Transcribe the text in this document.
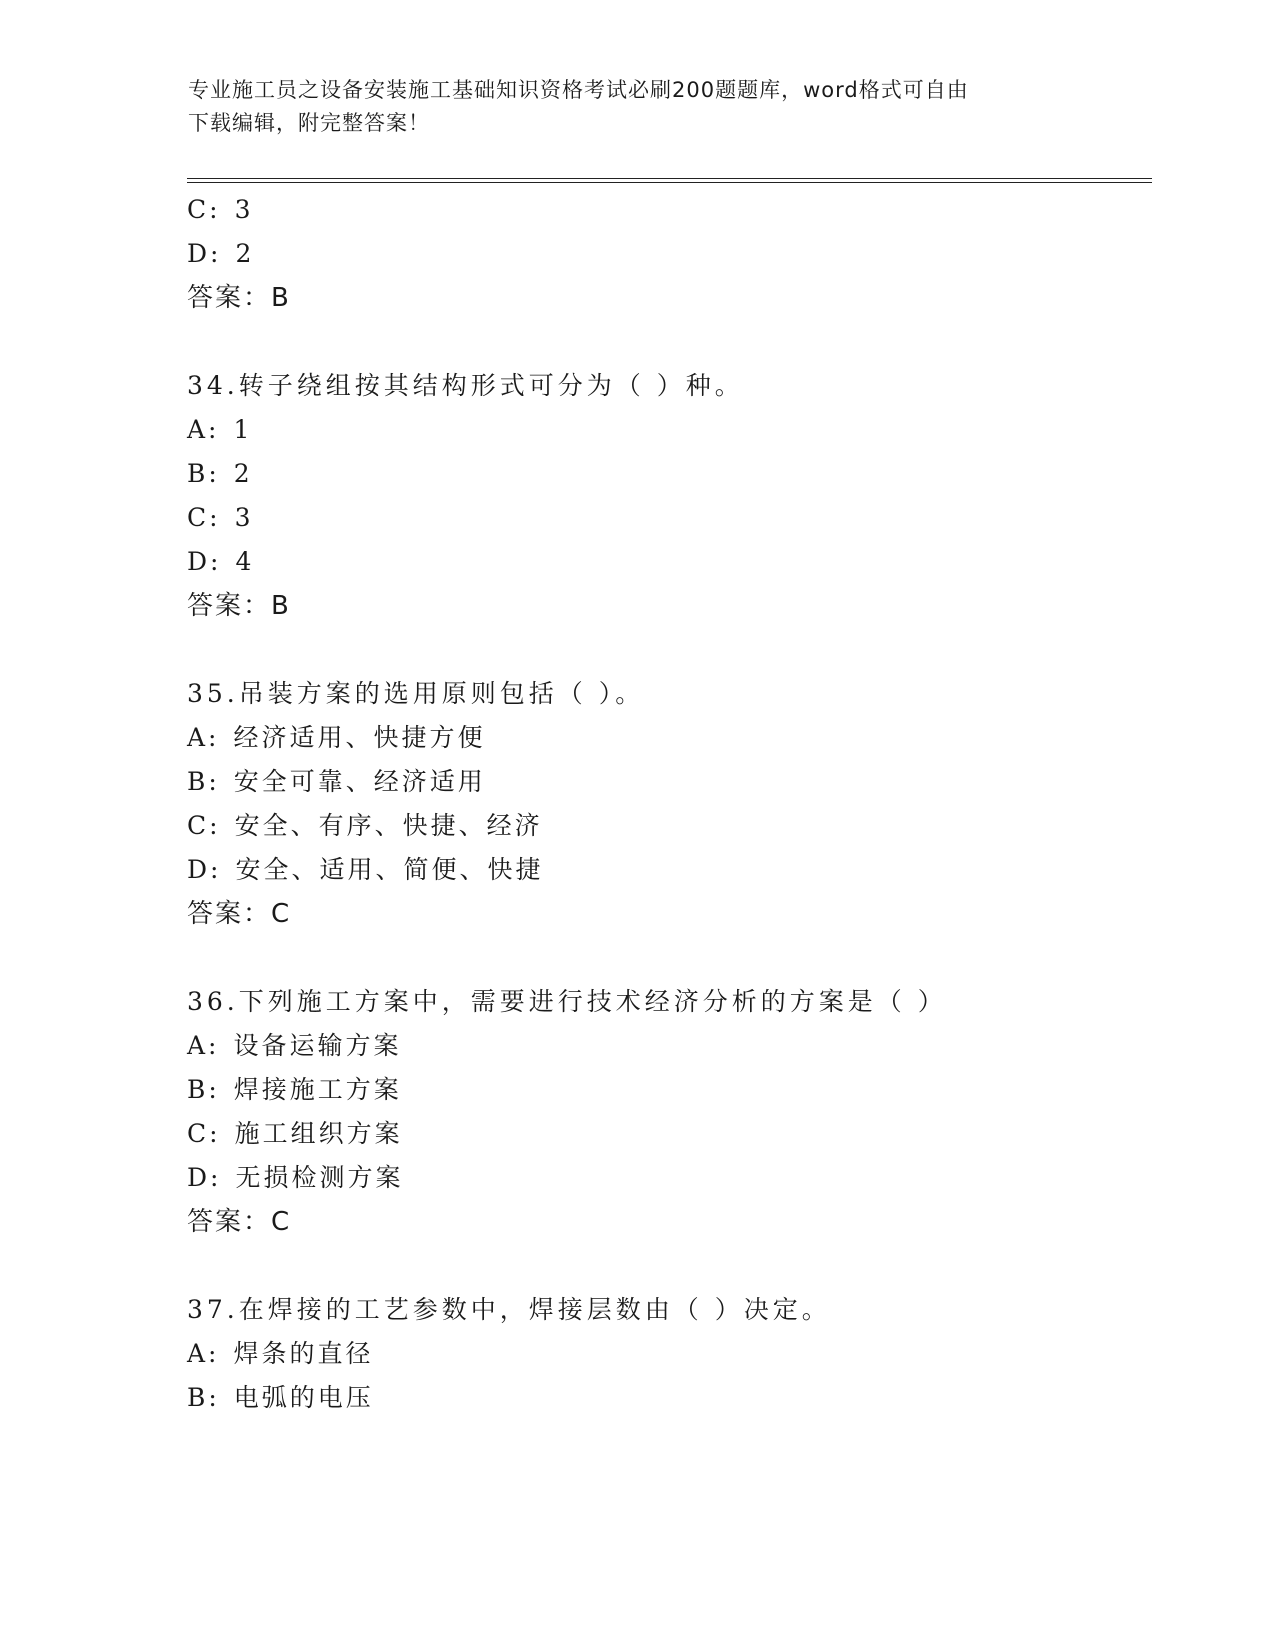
专业施工员之设备安装施工基础知识资格考试必刷200题题库，word格式可自由
下载编辑，附完整答案！
C: 3
D: 2
答案：B
34.转子绕组按其结构形式可分为（ ）种。
A: 1
B: 2
C: 3
D: 4
答案：B
35.吊装方案的选用原则包括（ ）。
A: 经济适用、快捷方便
B: 安全可靠、经济适用
C: 安全、有序、快捷、经济
D: 安全、适用、简便、快捷
答案：C
36.下列施工方案中，需要进行技术经济分析的方案是（ ）
A: 设备运输方案
B: 焊接施工方案
C: 施工组织方案
D: 无损检测方案
答案：C
37.在焊接的工艺参数中，焊接层数由（ ）决定。
A: 焊条的直径
B: 电弧的电压
